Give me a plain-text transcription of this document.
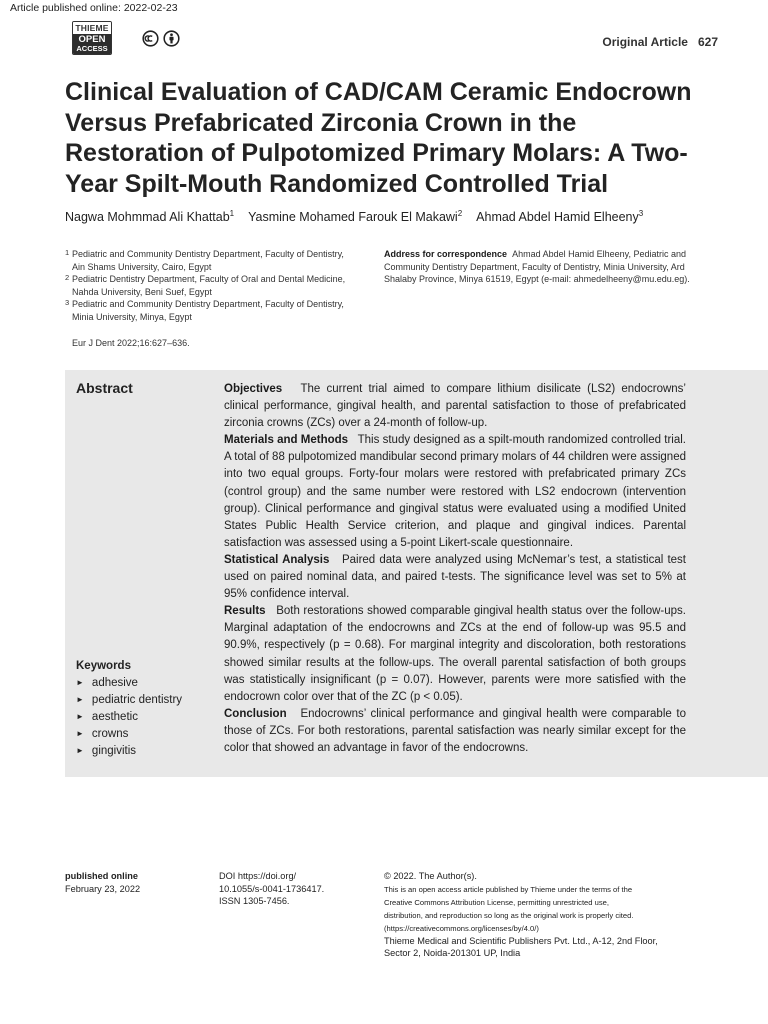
Article published online: 2022-02-23
THIEME
OPEN
ACCESS	Original Article 627
Clinical Evaluation of CAD/CAM Ceramic Endocrown Versus Prefabricated Zirconia Crown in the Restoration of Pulpotomized Primary Molars: A Two-Year Spilt-Mouth Randomized Controlled Trial
Nagwa Mohmmad Ali Khattab$^1$ Yasmine Mohamed Farouk El Makawi$^2$ Ahmad Abdel Hamid Elheeny$^3$
1 Pediatric and Community Dentistry Department, Faculty of Dentistry, Ain Shams University, Cairo, Egypt
2 Pediatric Dentistry Department, Faculty of Oral and Dental Medicine, Nahda University, Beni Suef, Egypt
3 Pediatric and Community Dentistry Department, Faculty of Dentistry, Minia University, Minya, Egypt
Address for correspondence Ahmad Abdel Hamid Elheeny, Pediatric and Community Dentistry Department, Faculty of Dentistry, Minia University, Ard Shalaby Province, Minya 61519, Egypt (e-mail: ahmedelheeny@mu.edu.eg).
Eur J Dent 2022;16:627–636.
Abstract	Objectives The current trial aimed to compare lithium disilicate (LS2) endocrowns’ clinical performance, gingival health, and parental satisfaction to those of prefabricated zirconia crowns (ZCs) over a 24-month of follow-up.

Materials and Methods This study designed as a spilt-mouth randomized controlled trial. A total of 88 pulpotomized mandibular second primary molars of 44 children were assigned into two equal groups. Forty-four molars were restored with prefabricated primary ZCs (control group) and the same number were restored with LS2 endocrown (intervention group). Clinical performance and gingival status were evaluated using a modified United States Public Health Service criterion, and plaque and gingival indices. Parental satisfaction was assessed using a 5-point Likert-scale questionnaire.

Statistical Analysis Paired data were analyzed using McNemar’s test, a statistical test used on paired nominal data, and paired t-tests. The significance level was set to 5% at 95% confidence interval.

Results Both restorations showed comparable gingival health status over the follow-ups. Marginal adaptation of the endocrowns and ZCs at the end of follow-up was 95.5 and 90.9%, respectively (p = 0.68). For marginal integrity and discoloration, both restorations showed similar results at the follow-ups. The overall parental satisfaction of both groups was statistically insignificant (p = 0.07). However, parents were more satisfied with the endocrown color over that of the ZC (p < 0.05).

Conclusion Endocrowns’ clinical performance and gingival health were comparable to those of ZCs. For both restorations, parental satisfaction was nearly similar except for the color that showed an advantage in favor of the endocrowns.

Keywords
► adhesive
► pediatric dentistry
► aesthetic
► crowns
► gingivitis
published online
February 23, 2022
DOI https://doi.org/
10.1055/s-0041-1736417.
ISSN 1305-7456.
© 2022. The Author(s).
This is an open access article published by Thieme under the terms of the
Creative Commons Attribution License, permitting unrestricted use,
distribution, and reproduction so long as the original work is properly cited.
(https://creativecommons.org/licenses/by/4.0/)
Thieme Medical and Scientific Publishers Pvt. Ltd., A-12, 2nd Floor,
Sector 2, Noida-201301 UP, India
